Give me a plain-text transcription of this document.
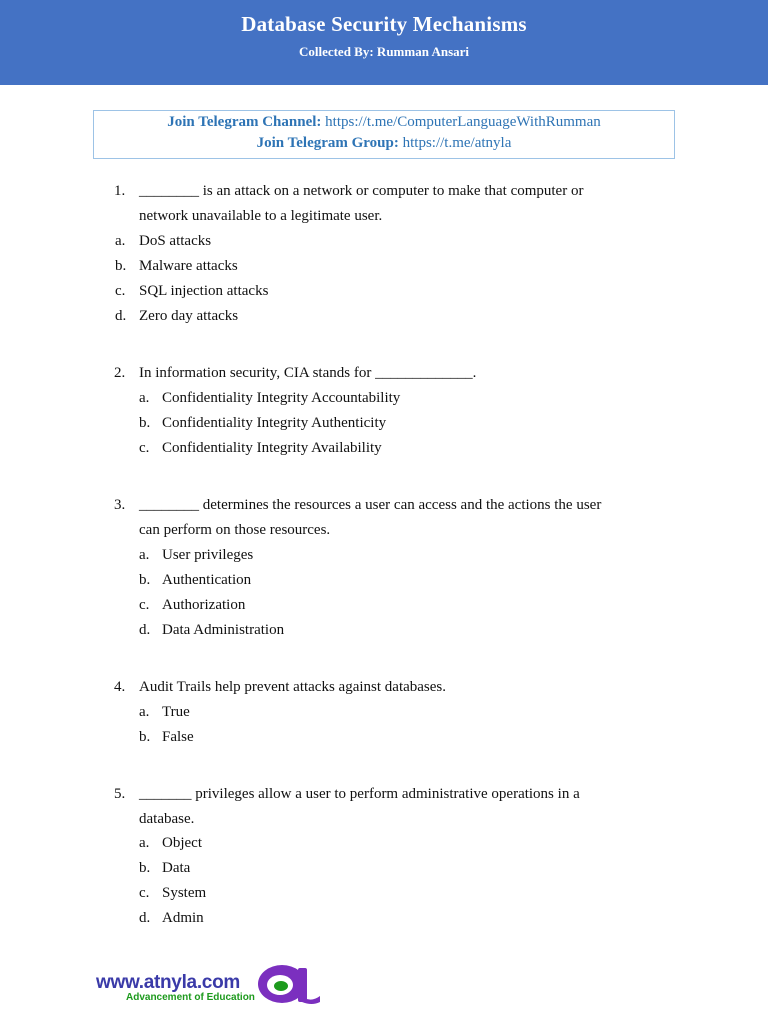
Database Security Mechanisms
Collected By: Rumman Ansari
Join Telegram Channel: https://t.me/ComputerLanguageWithRumman
Join Telegram Group: https://t.me/atnyla
1. ________ is an attack on a network or computer to make that computer or
network unavailable to a legitimate user.
a. DoS attacks
b. Malware attacks
c. SQL injection attacks
d. Zero day attacks
2. In information security, CIA stands for _____________.
a. Confidentiality Integrity Accountability
b. Confidentiality Integrity Authenticity
c. Confidentiality Integrity Availability
3. ________ determines the resources a user can access and the actions the user
can perform on those resources.
a. User privileges
b. Authentication
c. Authorization
d. Data Administration
4. Audit Trails help prevent attacks against databases.
a. True
b. False
5. _______ privileges allow a user to perform administrative operations in a
database.
a. Object
b. Data
c. System
d. Admin
www.atnyla.com
Advancement of Education
